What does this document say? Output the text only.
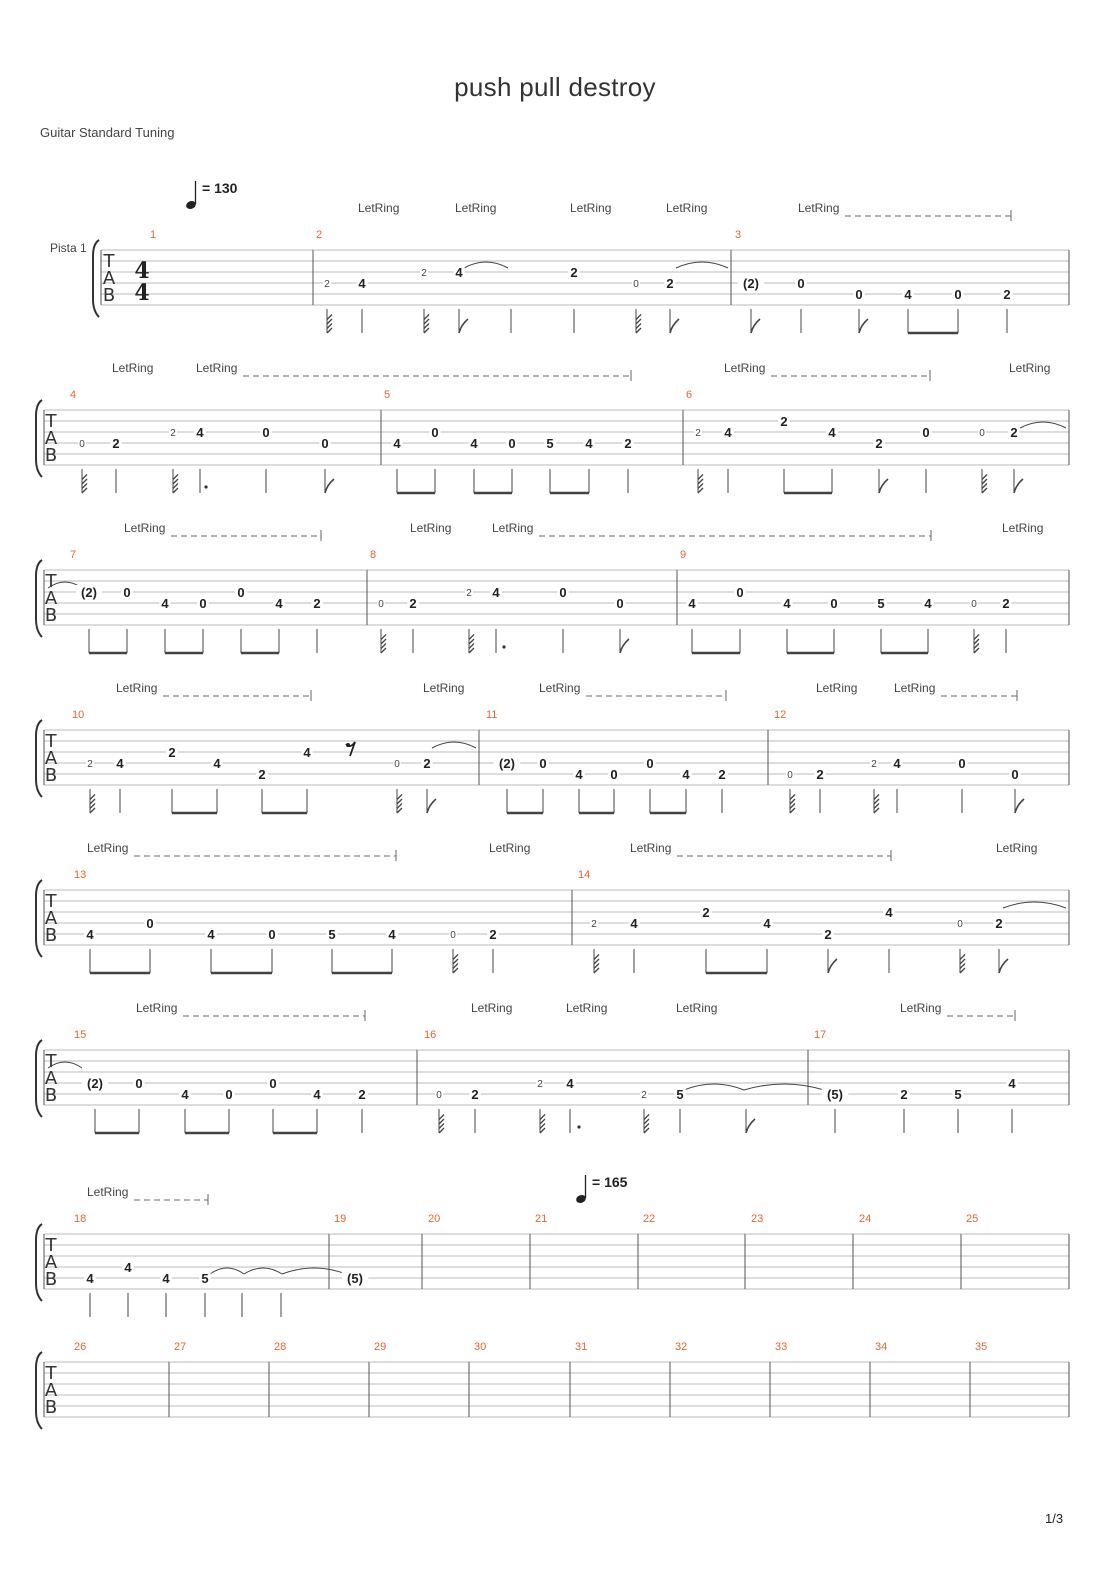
push pull destroy
Guitar Standard Tuning
1/3
T
A
B
1	2	3
LetRing	LetRing	LetRing	LetRing	LetRing
2 4
2 4	2
0 2	(2)	0
0	4	0	2
T
A
B
4	5	6
LetRing	LetRing	LetRing	LetRing
0 2
2 4	0
0	4
0
4 0 5 4 2
2 4
2
4
2
0	0 2
T
A
B
7	8	9
LetRing	LetRing	LetRing	LetRing
(2) 0
4 0
0
4 2	0 2
2 4	0
0	4
0
4	0	5	4	0 2
T
A
B
10	11	12
LetRing	LetRing	LetRing	LetRing	LetRing
2 4
2
4
2
4
0 2	(2) 0
4 0
0
4 2	0 2
2 4	0
0
T
A
B
13	14
LetRing	LetRing	LetRing	LetRing
4
0
4	0	5	4	0	2
2	4
2
4
2
4
0	2
T
A
B
15	16	17
LetRing	LetRing	LetRing	LetRing	LetRing
(2) 0
4	0
0
4	2	0 2
2 4
2 5	(5)	2	5
4
T
A
B
18	19	20	21	22	23	24	25
LetRing
4
4
4 5	(5)
T
A
B
26	27	28	29	30	31	32	33	34	35
Pista 1
4
4
= 130
= 165
